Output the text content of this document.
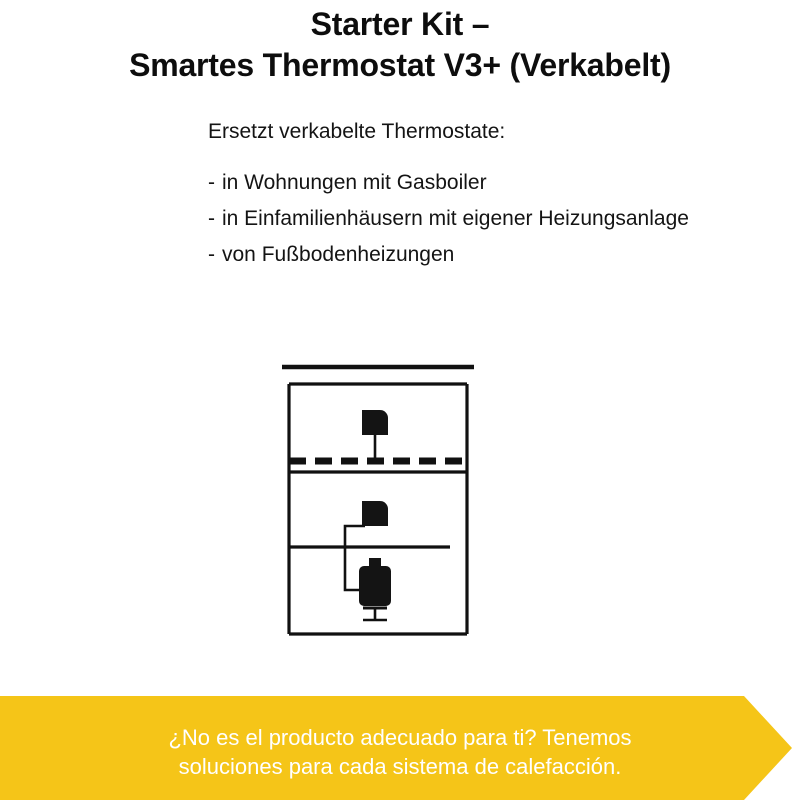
Starter Kit –
Smartes Thermostat V3+ (Verkabelt)
Ersetzt verkabelte Thermostate:
- in Wohnungen mit Gasboiler
- in Einfamilienhäusern mit eigener Heizungsanlage
- von Fußbodenheizungen
¿No es el producto adecuado para ti? Tenemos
soluciones para cada sistema de calefacción.
